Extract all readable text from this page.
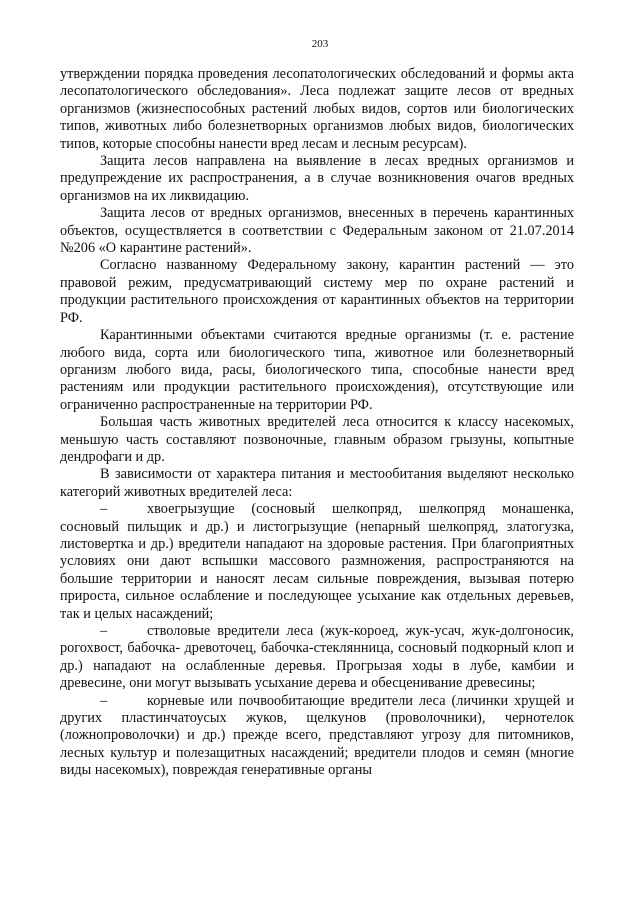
203

утверждении порядка проведения лесопатологических обследований и формы акта лесопатологического обследования». Леса подлежат защите лесов от вредных организмов (жизнеспособных растений любых видов, сортов или биологических типов, животных либо болезнетворных организмов любых видов, биологических типов, которые способны нанести вред лесам и лесным ресурсам).

Защита лесов направлена на выявление в лесах вредных организмов и предупреждение их распространения, а в случае возникновения очагов вредных организмов на их ликвидацию.

Защита лесов от вредных организмов, внесенных в перечень карантинных объектов, осуществляется в соответствии с Федеральным законом от 21.07.2014 №206 «О карантине растений».

Согласно названному Федеральному закону, карантин растений — это правовой режим, предусматривающий систему мер по охране растений и продукции растительного происхождения от карантинных объектов на территории РФ.

Карантинными объектами считаются вредные организмы (т. е. растение любого вида, сорта или биологического типа, животное или болезнетворный организм любого вида, расы, биологического типа, способные нанести вред растениям или продукции растительного происхождения), отсутствующие или ограниченно распространенные на территории РФ.

Большая часть животных вредителей леса относится к классу насекомых, меньшую часть составляют позвоночные, главным образом грызуны, копытные дендрофаги и др.

В зависимости от характера питания и местообитания выделяют несколько категорий животных вредителей леса:

–	хвоегрызущие (сосновый шелкопряд, шелкопряд монашенка, сосновый пильщик и др.) и листогрызущие (непарный шелкопряд, златогузка, листовертка и др.) вредители нападают на здоровые растения. При благоприятных условиях они дают вспышки массового размножения, распространяются на большие территории и наносят лесам сильные повреждения, вызывая потерю прироста, сильное ослабление и последующее усыхание как отдельных деревьев, так и целых насаждений;

–	стволовые вредители леса (жук-короед, жук-усач, жук-долгоносик, рогохвост, бабочка- древоточец, бабочка-стеклянница, сосновый подкорный клоп и др.) нападают на ослабленные деревья. Прогрызая ходы в лубе, камбии и древесине, они могут вызывать усыхание дерева и обесценивание древесины;

–	корневые или почвообитающие вредители леса (личинки хрущей и других пластинчатоусых жуков, щелкунов (проволочники), чернотелок (ложнопроволочки) и др.) прежде всего, представляют угрозу для питомников, лесных культур и полезащитных насаждений; вредители плодов и семян (многие виды насекомых), повреждая генеративные органы
